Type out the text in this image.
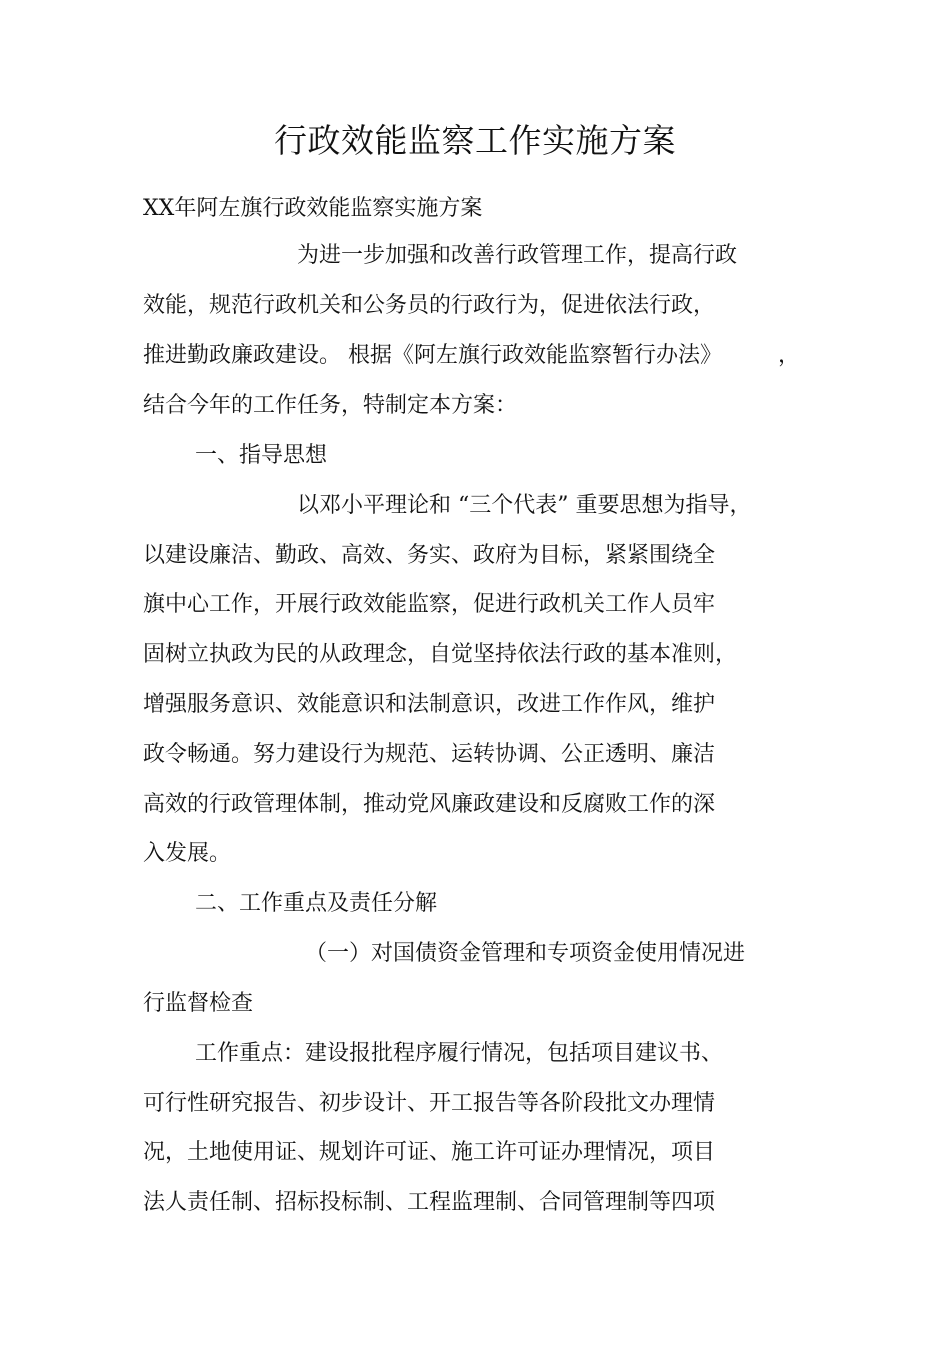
行政效能监察工作实施方案
XX年阿左旗行政效能监察实施方案
为进一步加强和改善行政管理工作，提高行政
效能，规范行政机关和公务员的行政行为，促进依法行政，
推进勤政廉政建设。 根据《阿左旗行政效能监察暂行办法》	，
结合今年的工作任务，特制定本方案：
一、指导思想
以邓小平理论和 “三个代表” 重要思想为指导，
以建设廉洁、勤政、高效、务实、政府为目标，紧紧围绕全
旗中心工作，开展行政效能监察，促进行政机关工作人员牢
固树立执政为民的从政理念，自觉坚持依法行政的基本准则，
增强服务意识、效能意识和法制意识，改进工作作风，维护
政令畅通。努力建设行为规范、运转协调、公正透明、廉洁
高效的行政管理体制，推动党风廉政建设和反腐败工作的深
入发展。
二、工作重点及责任分解
（一）对国债资金管理和专项资金使用情况进
行监督检查
工作重点：建设报批程序履行情况，包括项目建议书、
可行性研究报告、初步设计、开工报告等各阶段批文办理情
况，土地使用证、规划许可证、施工许可证办理情况，项目
法人责任制、招标投标制、工程监理制、合同管理制等四项
